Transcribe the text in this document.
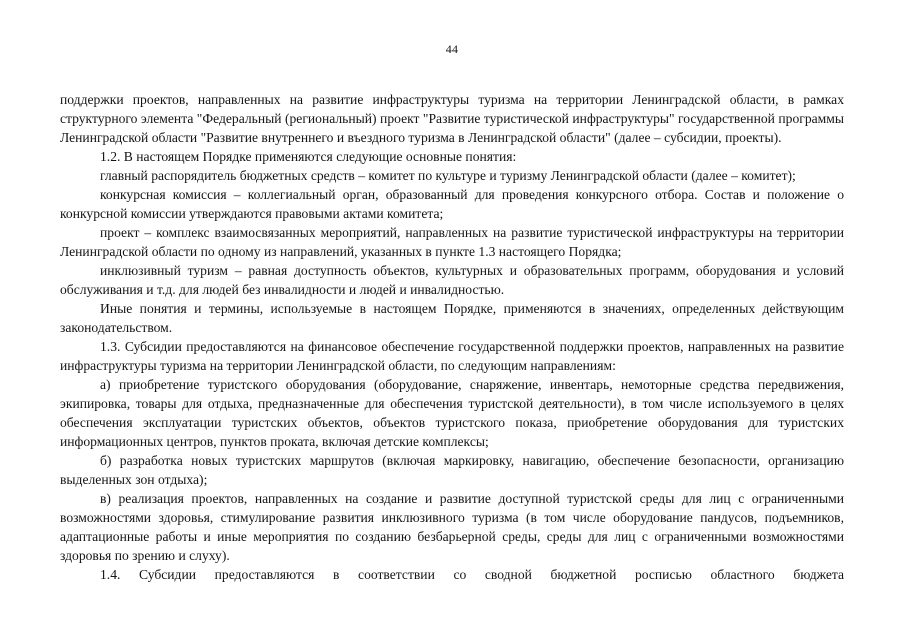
44

поддержки проектов, направленных на развитие инфраструктуры туризма на территории Ленинградской области, в рамках структурного элемента "Федеральный (региональный) проект "Развитие туристической инфраструктуры" государственной программы Ленинградской области "Развитие внутреннего и въездного туризма в Ленинградской области" (далее – субсидии, проекты).

1.2. В настоящем Порядке применяются следующие основные понятия:

главный распорядитель бюджетных средств – комитет по культуре и туризму Ленинградской области (далее – комитет);

конкурсная комиссия – коллегиальный орган, образованный для проведения конкурсного отбора. Состав и положение о конкурсной комиссии утверждаются правовыми актами комитета;

проект – комплекс взаимосвязанных мероприятий, направленных на развитие туристической инфраструктуры на территории Ленинградской области по одному из направлений, указанных в пункте 1.3 настоящего Порядка;

инклюзивный туризм – равная доступность объектов, культурных и образовательных программ, оборудования и условий обслуживания и т.д. для людей без инвалидности и людей и инвалидностью.

Иные понятия и термины, используемые в настоящем Порядке, применяются в значениях, определенных действующим законодательством.

1.3. Субсидии предоставляются на финансовое обеспечение государственной поддержки проектов, направленных на развитие инфраструктуры туризма на территории Ленинградской области, по следующим направлениям:

а) приобретение туристского оборудования (оборудование, снаряжение, инвентарь, немоторные средства передвижения, экипировка, товары для отдыха, предназначенные для обеспечения туристской деятельности), в том числе используемого в целях обеспечения эксплуатации туристских объектов, объектов туристского показа, приобретение оборудования для туристских информационных центров, пунктов проката, включая детские комплексы;

б) разработка новых туристских маршрутов (включая маркировку, навигацию, обеспечение безопасности, организацию выделенных зон отдыха);

в) реализация проектов, направленных на создание и развитие доступной туристской среды для лиц с ограниченными возможностями здоровья, стимулирование развития инклюзивного туризма (в том числе оборудование пандусов, подъемников, адаптационные работы и иные мероприятия по созданию безбарьерной среды, среды для лиц с ограниченными возможностями здоровья по зрению и слуху).

1.4. Субсидии предоставляются в соответствии со сводной бюджетной росписью областного бюджета
